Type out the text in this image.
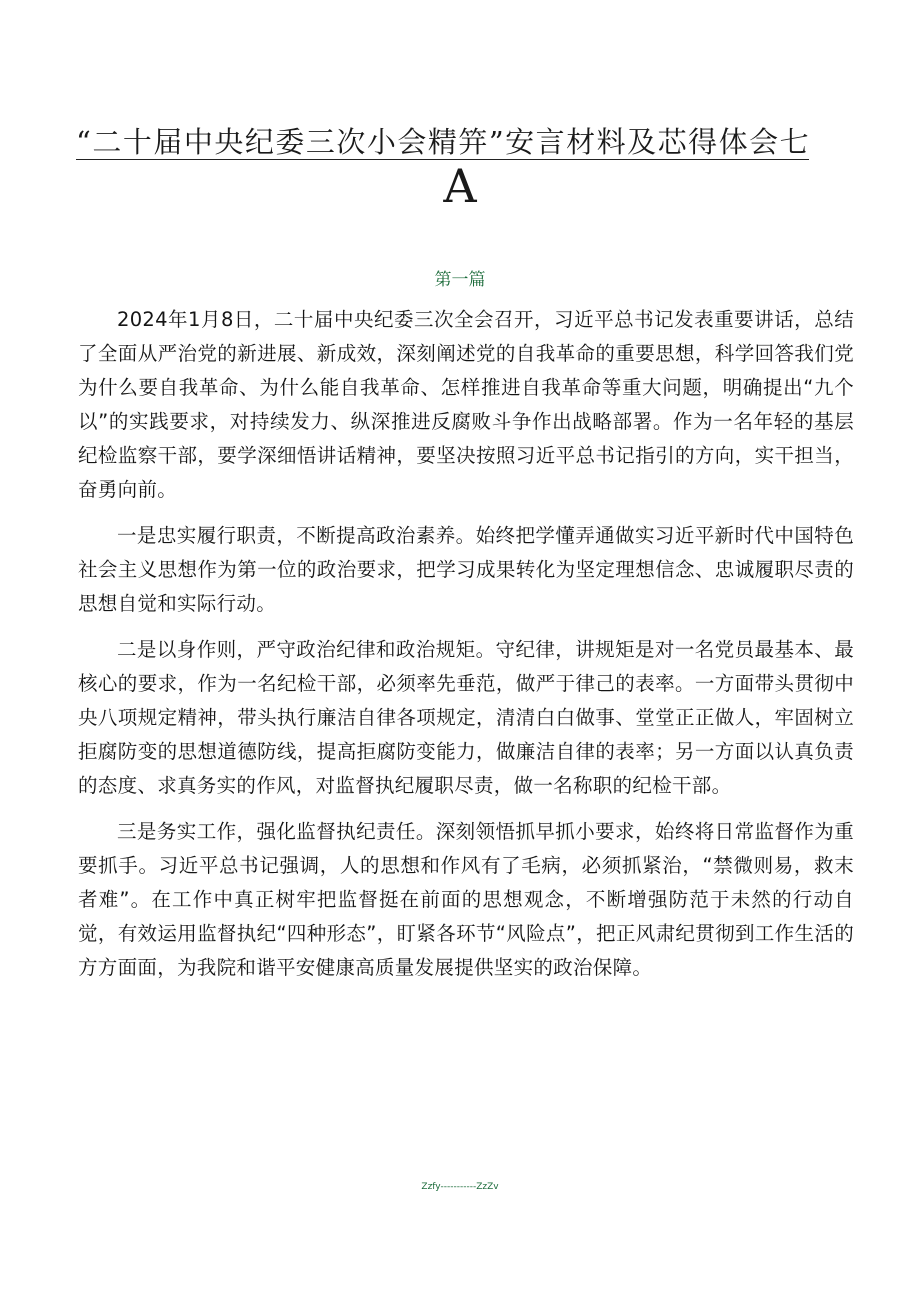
“二十届中央纪委三次小会精笄”安言材料及芯得体会七
A
第一篇

2024年1月8日，二十届中央纪委三次全会召开，习近平总书记发表重要讲话，总结了全面从严治党的新进展、新成效，深刻阐述党的自我革命的重要思想，科学回答我们党为什么要自我革命、为什么能自我革命、怎样推进自我革命等重大问题，明确提出“九个以”的实践要求，对持续发力、纵深推进反腐败斗争作出战略部署。作为一名年轻的基层纪检监察干部，要学深细悟讲话精神，要坚决按照习近平总书记指引的方向，实干担当，奋勇向前。

一是忠实履行职责，不断提高政治素养。始终把学懂弄通做实习近平新时代中国特色社会主义思想作为第一位的政治要求，把学习成果转化为坚定理想信念、忠诚履职尽责的思想自觉和实际行动。

二是以身作则，严守政治纪律和政治规矩。守纪律，讲规矩是对一名党员最基本、最核心的要求，作为一名纪检干部，必须率先垂范，做严于律己的表率。一方面带头贯彻中央八项规定精神，带头执行廉洁自律各项规定，清清白白做事、堂堂正正做人，牢固树立拒腐防变的思想道德防线，提高拒腐防变能力，做廉洁自律的表率；另一方面以认真负责的态度、求真务实的作风，对监督执纪履职尽责，做一名称职的纪检干部。

三是务实工作，强化监督执纪责任。深刻领悟抓早抓小要求，始终将日常监督作为重要抓手。习近平总书记强调，人的思想和作风有了毛病，必须抓紧治，“禁微则易，救末者难”。在工作中真正树牢把监督挺在前面的思想观念，不断增强防范于未然的行动自觉，有效运用监督执纪“四种形态”，盯紧各环节“风险点”，把正风肃纪贯彻到工作生活的方方面面，为我院和谐平安健康高质量发展提供坚实的政治保障。

Zzfy-----------ZzZv
